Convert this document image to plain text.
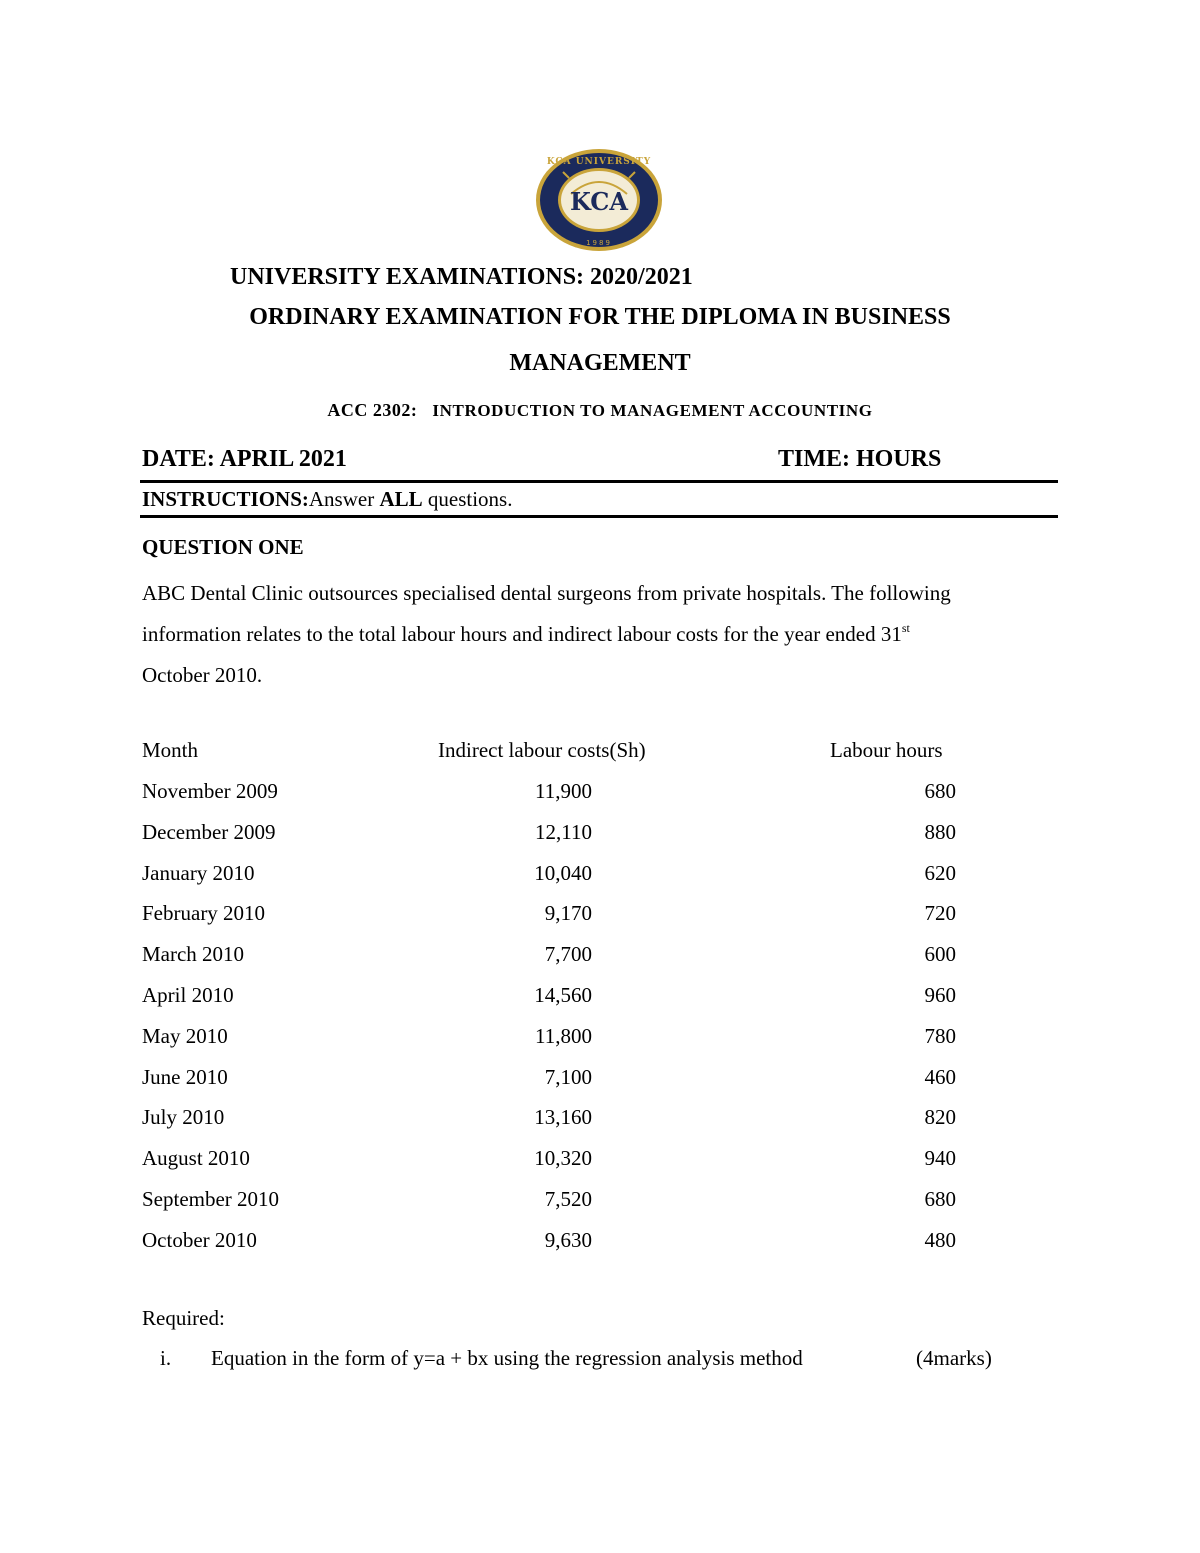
KCA UNIVERSITY
KCA
1989
UNIVERSITY EXAMINATIONS: 2020/2021
ORDINARY EXAMINATION FOR THE DIPLOMA IN BUSINESS
MANAGEMENT
ACC 2302: INTRODUCTION TO MANAGEMENT ACCOUNTING
DATE: APRIL 2021	TIME: HOURS
INSTRUCTIONS:Answer ALL questions.
QUESTION ONE
ABC Dental Clinic outsources specialised dental surgeons from private hospitals. The following
information relates to the total labour hours and indirect labour costs for the year ended 31st
October 2010.
Month	Indirect labour costs(Sh)	Labour hours
November 2009	11,900	680
December 2009	12,110	880
January 2010	10,040	620
February 2010	9,170	720
March 2010	7,700	600
April 2010	14,560	960
May 2010	11,800	780
June 2010	7,100	460
July 2010	13,160	820
August 2010	10,320	940
September 2010	7,520	680
October 2010	9,630	480
Required:
i. Equation in the form of y=a + bx using the regression analysis method	(4marks)
